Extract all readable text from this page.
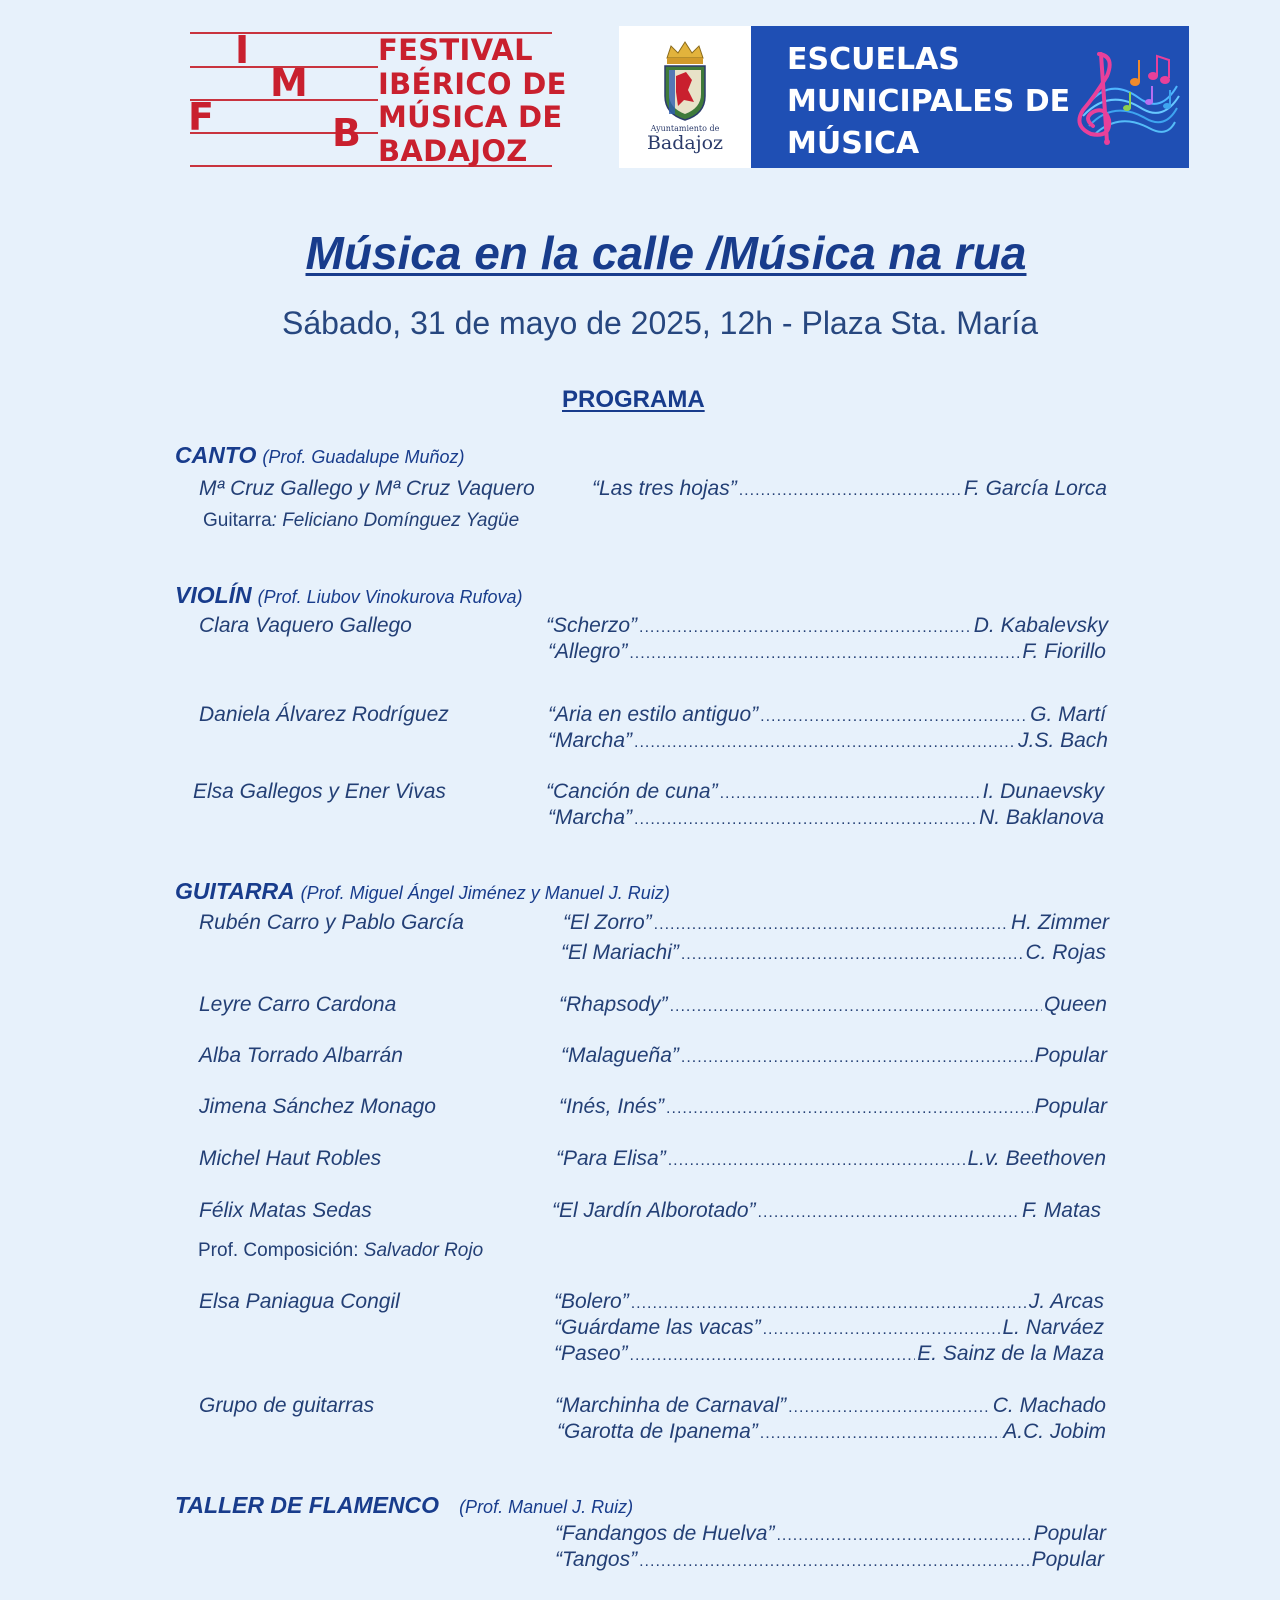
I
M
F	B
FESTIVAL
IBÉRICO DE
MÚSICA DE
BADAJOZ
Ayuntamiento de
Badajoz
ESCUELAS
MUNICIPALES DE
MÚSICA
Música en la calle /Música na rua
Sábado, 31 de mayo de 2025, 12h - Plaza Sta. María
PROGRAMA
CANTO (Prof. Guadalupe Muñoz)
Mª Cruz Gallego y Mª Cruz Vaquero	“Las tres hojas” .....	F. García Lorca
Guitarra: Feliciano Domínguez Yagüe
VIOLÍN (Prof. Liubov Vinokurova Rufova)
Clara Vaquero Gallego	“Scherzo” .....	D. Kabalevsky
“Allegro” .....	F. Fiorillo
Daniela Álvarez Rodríguez	“Aria en estilo antiguo” .....	G. Martí
“Marcha” .....	J.S. Bach
Elsa Gallegos y Ener Vivas	“Canción de cuna” .....	I. Dunaevsky
“Marcha” .....	N. Baklanova
GUITARRA (Prof. Miguel Ángel Jiménez y Manuel J. Ruiz)
Rubén Carro y Pablo García	“El Zorro” .....	H. Zimmer
“El Mariachi” .....	C. Rojas
Leyre Carro Cardona	“Rhapsody” .....	Queen
Alba Torrado Albarrán	“Malagueña” .....	Popular
Jimena Sánchez Monago	“Inés, Inés” .....	Popular
Michel Haut Robles	“Para Elisa” .....	L.v. Beethoven
Félix Matas Sedas	“El Jardín Alborotado” .....	F. Matas
Prof. Composición: Salvador Rojo
Elsa Paniagua Congil	“Bolero” .....	J. Arcas
“Guárdame las vacas” .....	L. Narváez
“Paseo” .....	E. Sainz de la Maza
Grupo de guitarras	“Marchinha de Carnaval” .....	C. Machado
“Garotta de Ipanema” .....	A.C. Jobim
TALLER DE FLAMENCO (Prof. Manuel J. Ruiz)
“Fandangos de Huelva” .....	Popular
“Tangos” .....	Popular
